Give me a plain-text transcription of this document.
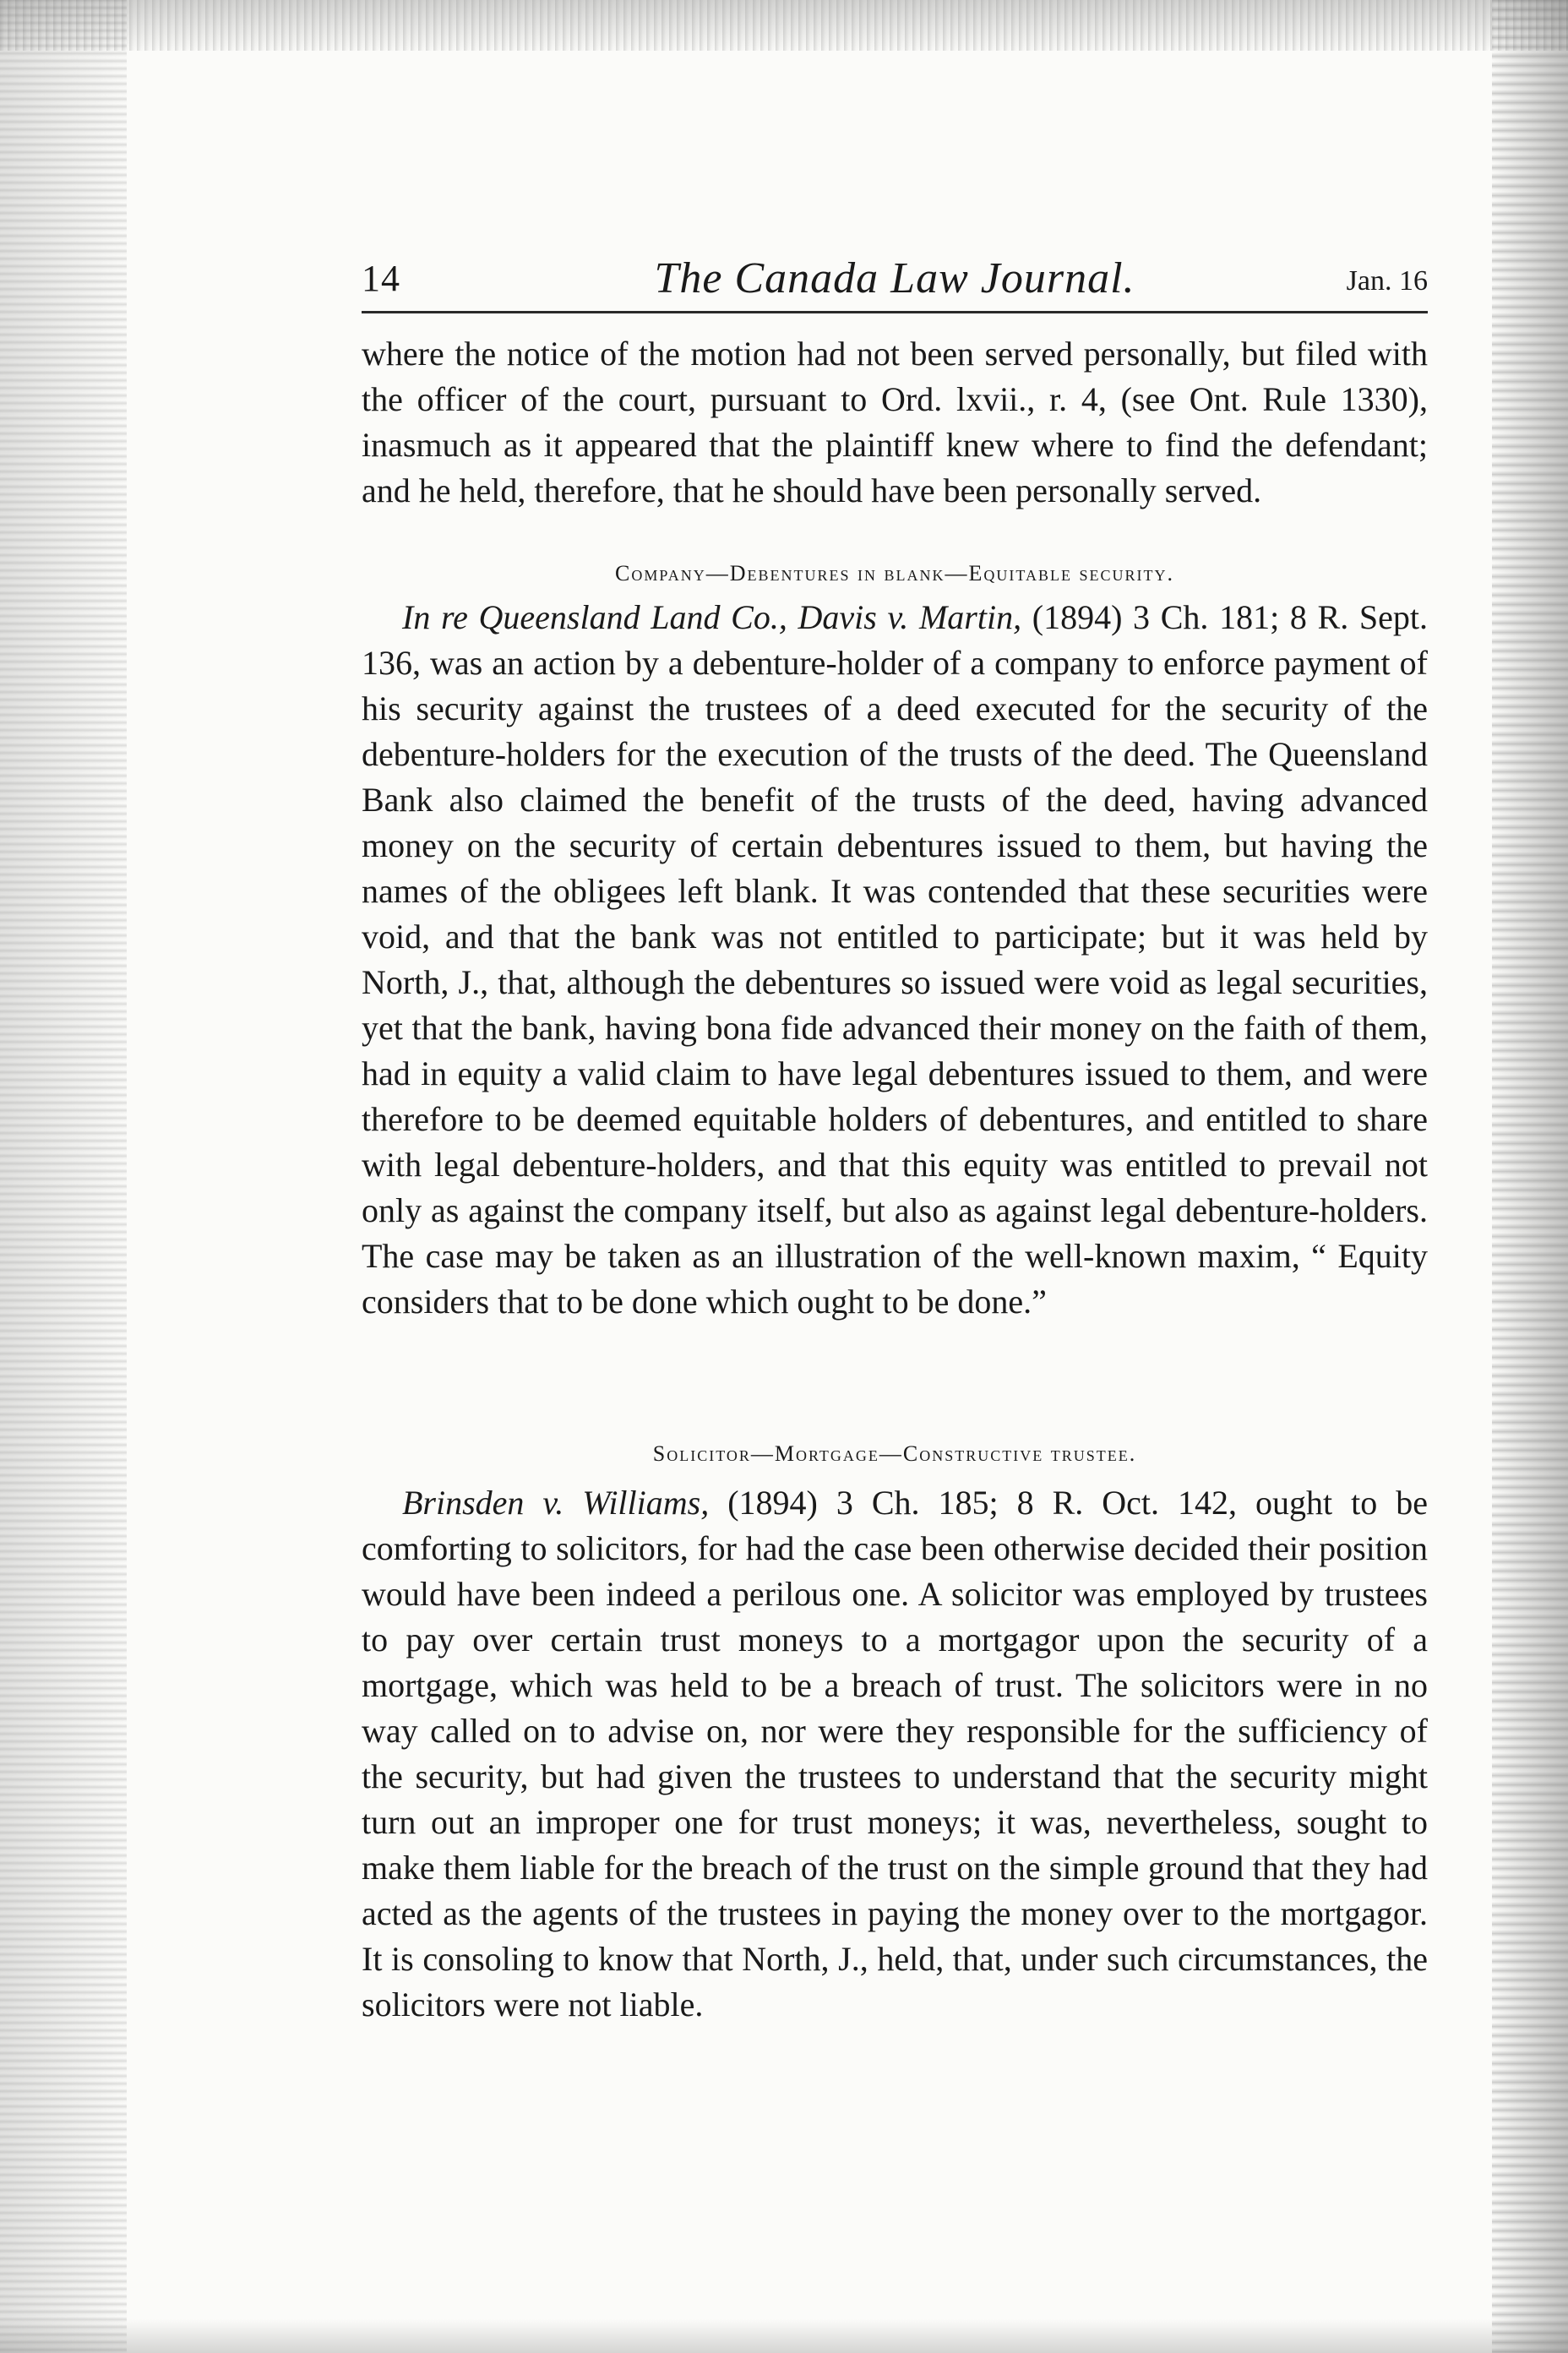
14	The Canada Law Journal.	Jan. 16

where the notice of the motion had not been served personally, but filed with the officer of the court, pursuant to Ord. lxvii., r. 4, (see Ont. Rule 1330), inasmuch as it appeared that the plaintiff knew where to find the defendant; and he held, therefore, that he should have been personally served.

Company—Debentures in blank—Equitable security.

In re Queensland Land Co., Davis v. Martin, (1894) 3 Ch. 181; 8 R. Sept. 136, was an action by a debenture-holder of a company to enforce payment of his security against the trustees of a deed executed for the security of the debenture-holders for the execution of the trusts of the deed. The Queensland Bank also claimed the benefit of the trusts of the deed, having advanced money on the security of certain debentures issued to them, but having the names of the obligees left blank. It was contended that these securities were void, and that the bank was not entitled to participate; but it was held by North, J., that, although the debentures so issued were void as legal securities, yet that the bank, having bona fide advanced their money on the faith of them, had in equity a valid claim to have legal debentures issued to them, and were therefore to be deemed equitable holders of debentures, and entitled to share with legal debenture-holders, and that this equity was entitled to prevail not only as against the company itself, but also as against legal debenture-holders. The case may be taken as an illustration of the well-known maxim, “ Equity considers that to be done which ought to be done.”

Solicitor—Mortgage—Constructive trustee.

Brinsden v. Williams, (1894) 3 Ch. 185; 8 R. Oct. 142, ought to be comforting to solicitors, for had the case been otherwise decided their position would have been indeed a perilous one. A solicitor was employed by trustees to pay over certain trust moneys to a mortgagor upon the security of a mortgage, which was held to be a breach of trust. The solicitors were in no way called on to advise on, nor were they responsible for the sufficiency of the security, but had given the trustees to understand that the security might turn out an improper one for trust moneys; it was, nevertheless, sought to make them liable for the breach of the trust on the simple ground that they had acted as the agents of the trustees in paying the money over to the mortgagor. It is consoling to know that North, J., held, that, under such circumstances, the solicitors were not liable.
